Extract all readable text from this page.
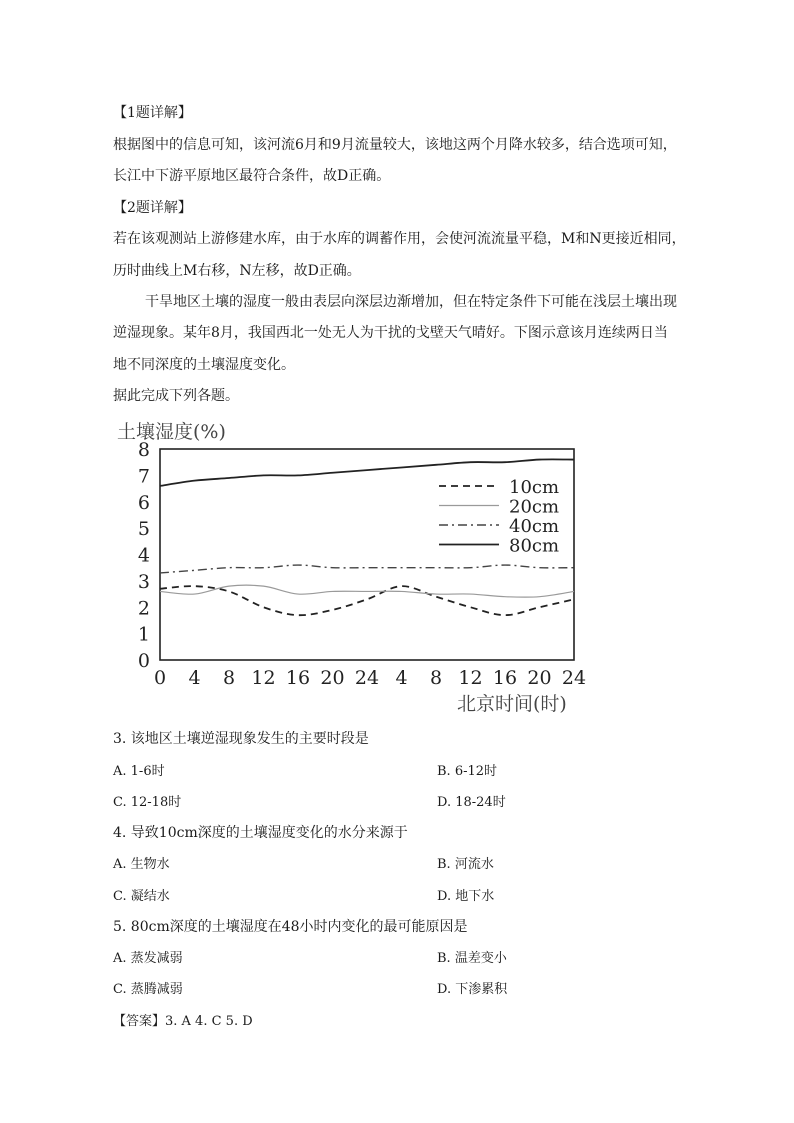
【1题详解】
根据图中的信息可知，该河流6月和9月流量较大，该地这两个月降水较多，结合选项可知，
长江中下游平原地区最符合条件，故D正确。
【2题详解】
若在该观测站上游修建水库，由于水库的调蓄作用，会使河流流量平稳，M和N更接近相同，
历时曲线上M右移，N左移，故D正确。
干旱地区土壤的湿度一般由表层向深层边渐增加，但在特定条件下可能在浅层土壤出现
逆湿现象。某年8月，我国西北一处无人为干扰的戈壁天气晴好。下图示意该月连续两日当
地不同深度的土壤湿度变化。
据此完成下列各题。
土壤湿度(%)
北京时间(时)
0
1
2
3
4
5
6
7
8
0 4 8 12 16 20 24 4 8 12 16 20 24
10cm
20cm
40cm
80cm
3. 该地区土壤逆湿现象发生的主要时段是
A. 1-6时	B. 6-12时
C. 12-18时	D. 18-24时
4. 导致10cm深度的土壤湿度变化的水分来源于
A. 生物水	B. 河流水
C. 凝结水	D. 地下水
5. 80cm深度的土壤湿度在48小时内变化的最可能原因是
A. 蒸发减弱	B. 温差变小
C. 蒸腾减弱	D. 下渗累积
【答案】3. A 4. C 5. D
